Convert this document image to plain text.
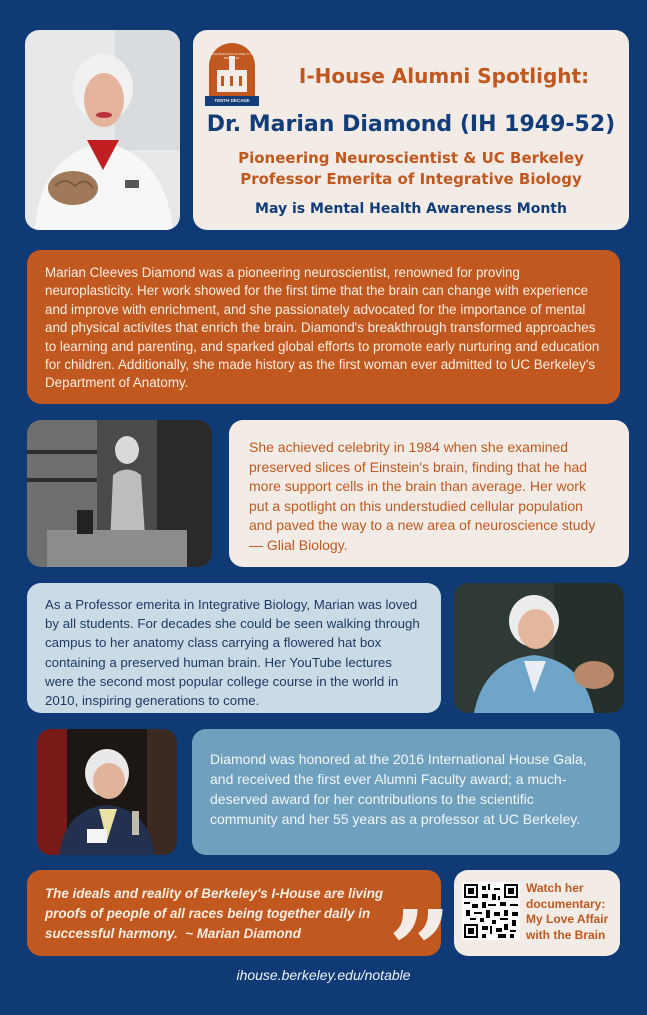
INTERNATIONAL HOUSE AT UC BERKELEY
TENTH DECADE
I-House Alumni Spotlight:
Dr. Marian Diamond (IH 1949-52)
Pioneering Neuroscientist & UC Berkeley
Professor Emerita of Integrative Biology
May is Mental Health Awareness Month
Marian Cleeves Diamond was a pioneering neuroscientist, renowned for proving neuroplasticity. Her work showed for the first time that the brain can change with experience and improve with enrichment, and she passionately advocated for the importance of mental and physical activites that enrich the brain. Diamond's breakthrough transformed approaches to learning and parenting, and sparked global efforts to promote early nurturing and education for children. Additionally, she made history as the first woman ever admitted to UC Berkeley's Department of Anatomy.
She achieved celebrity in 1984 when she examined preserved slices of Einstein's brain, finding that he had more support cells in the brain than average. Her work put a spotlight on this understudied cellular population and paved the way to a new area of neuroscience study — Glial Biology.
As a Professor emerita in Integrative Biology, Marian was loved by all students. For decades she could be seen walking through campus to her anatomy class carrying a flowered hat box containing a preserved human brain. Her YouTube lectures were the second most popular college course in the world in 2010, inspiring generations to come.
Diamond was honored at the 2016 International House Gala, and received the first ever Alumni Faculty award; a much-deserved award for her contributions to the scientific community and her 55 years as a professor at UC Berkeley.
The ideals and reality of Berkeley's I-House are living proofs of people of all races being together daily in successful harmony. ~ Marian Diamond ”	Watch her
documentary:
My Love Affair
with the Brain
ihouse.berkeley.edu/notable
